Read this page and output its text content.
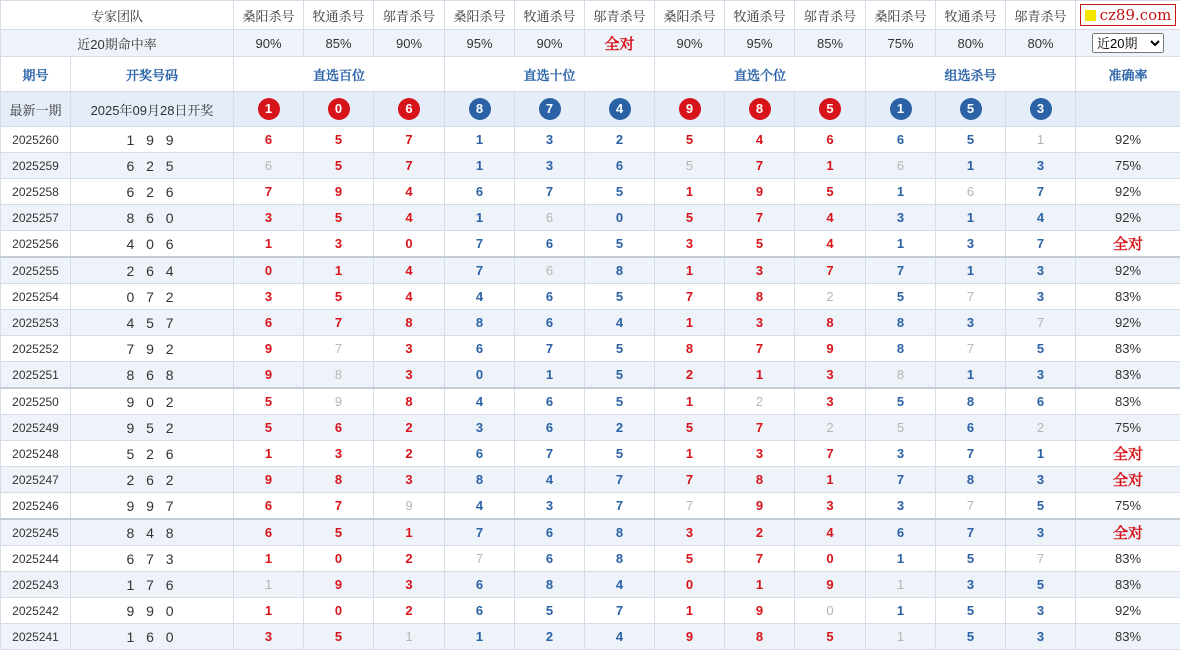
专家团队		桑阳杀号	牧通杀号	邬青杀号	桑阳杀号	牧通杀号	邬青杀号	桑阳杀号	牧通杀号	邬青杀号	桑阳杀号	牧通杀号	邬青杀号	cz89.com

近20期命中率		90%	85%	90%	95%	90%	全对	90%	95%	85%	75%	80%	80%	
近20期
期号	开奖号码	直选百位			直选十位			直选个位			组选杀号			准确率
最新一期	2025年09月28日开奖	1	0	6	8	7	4	9	8	5	1	5	3	
2025260	1 9 9	6	5	7	1	3	2	5	4	6	6	5	1	92%
2025259	6 2 5	6	5	7	1	3	6	5	7	1	6	1	3	75%
2025258	6 2 6	7	9	4	6	7	5	1	9	5	1	6	7	92%
2025257	8 6 0	3	5	4	1	6	0	5	7	4	3	1	4	92%
2025256	4 0 6	1	3	0	7	6	5	3	5	4	1	3	7	全对
2025255	2 6 4	0	1	4	7	6	8	1	3	7	7	1	3	92%
2025254	0 7 2	3	5	4	4	6	5	7	8	2	5	7	3	83%
2025253	4 5 7	6	7	8	8	6	4	1	3	8	8	3	7	92%
2025252	7 9 2	9	7	3	6	7	5	8	7	9	8	7	5	83%
2025251	8 6 8	9	8	3	0	1	5	2	1	3	8	1	3	83%
2025250	9 0 2	5	9	8	4	6	5	1	2	3	5	8	6	83%
2025249	9 5 2	5	6	2	3	6	2	5	7	2	5	6	2	75%
2025248	5 2 6	1	3	2	6	7	5	1	3	7	3	7	1	全对
2025247	2 6 2	9	8	3	8	4	7	7	8	1	7	8	3	全对
2025246	9 9 7	6	7	9	4	3	7	7	9	3	3	7	5	75%
2025245	8 4 8	6	5	1	7	6	8	3	2	4	6	7	3	全对
2025244	6 7 3	1	0	2	7	6	8	5	7	0	1	5	7	83%
2025243	1 7 6	1	9	3	6	8	4	0	1	9	1	3	5	83%
2025242	9 9 0	1	0	2	6	5	7	1	9	0	1	5	3	92%
2025241	1 6 0	3	5	1	1	2	4	9	8	5	1	5	3	83%
